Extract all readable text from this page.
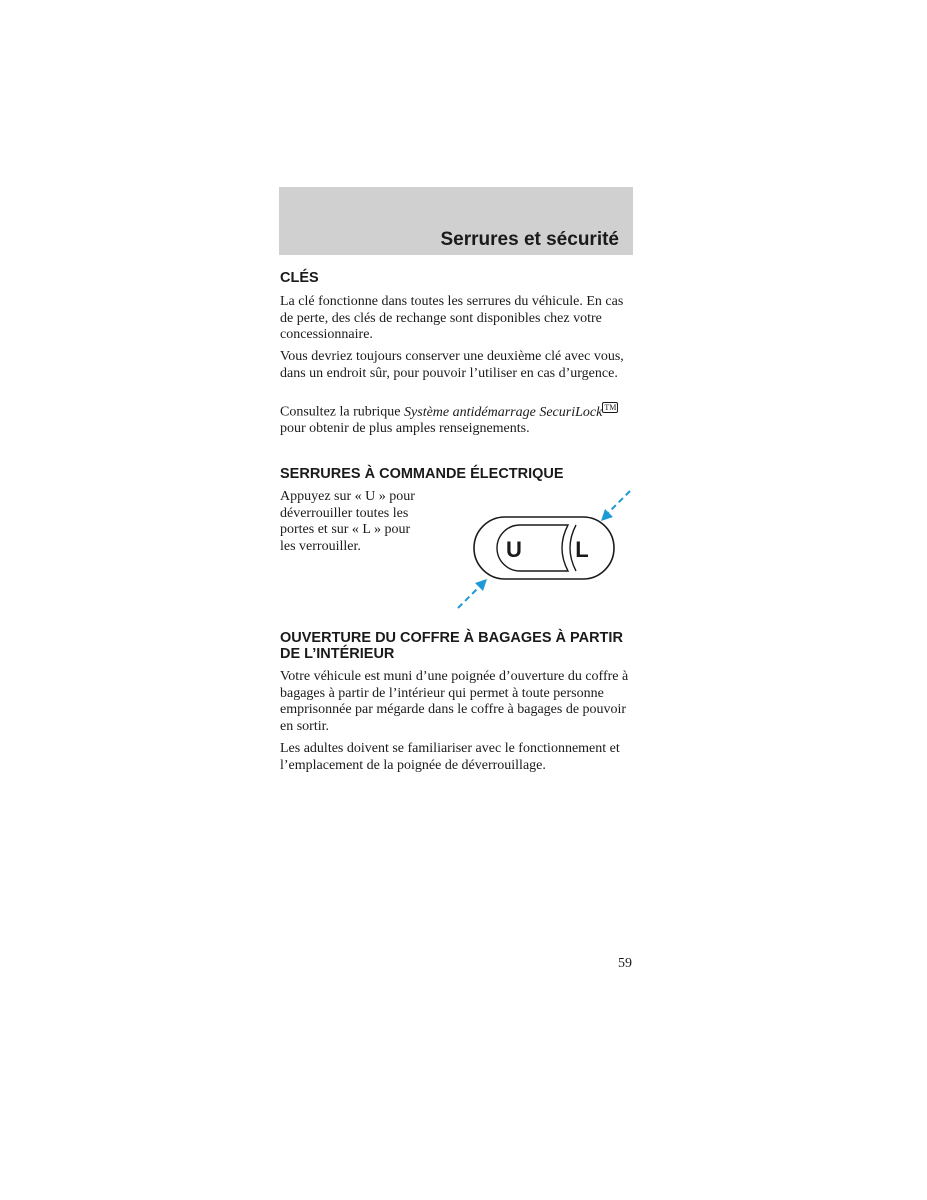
Serrures et sécurité
CLÉS

La clé fonctionne dans toutes les serrures du véhicule. En cas de perte, des clés de rechange sont disponibles chez votre concessionnaire.

Vous devriez toujours conserver une deuxième clé avec vous, dans un endroit sûr, pour pouvoir l’utiliser en cas d’urgence.

Consultez la rubrique Système antidémarrage SecuriLock ™ pour obtenir de plus amples renseignements.

SERRURES À COMMANDE ÉLECTRIQUE

Appuyez sur « U » pour déverrouiller toutes les portes et sur « L » pour les verrouiller.	U L
OUVERTURE DU COFFRE À BAGAGES À PARTIR DE L’INTÉRIEUR

Votre véhicule est muni d’une poignée d’ouverture du coffre à bagages à partir de l’intérieur qui permet à toute personne emprisonnée par mégarde dans le coffre à bagages de pouvoir en sortir.

Les adultes doivent se familiariser avec le fonctionnement et l’emplacement de la poignée de déverrouillage.

59
